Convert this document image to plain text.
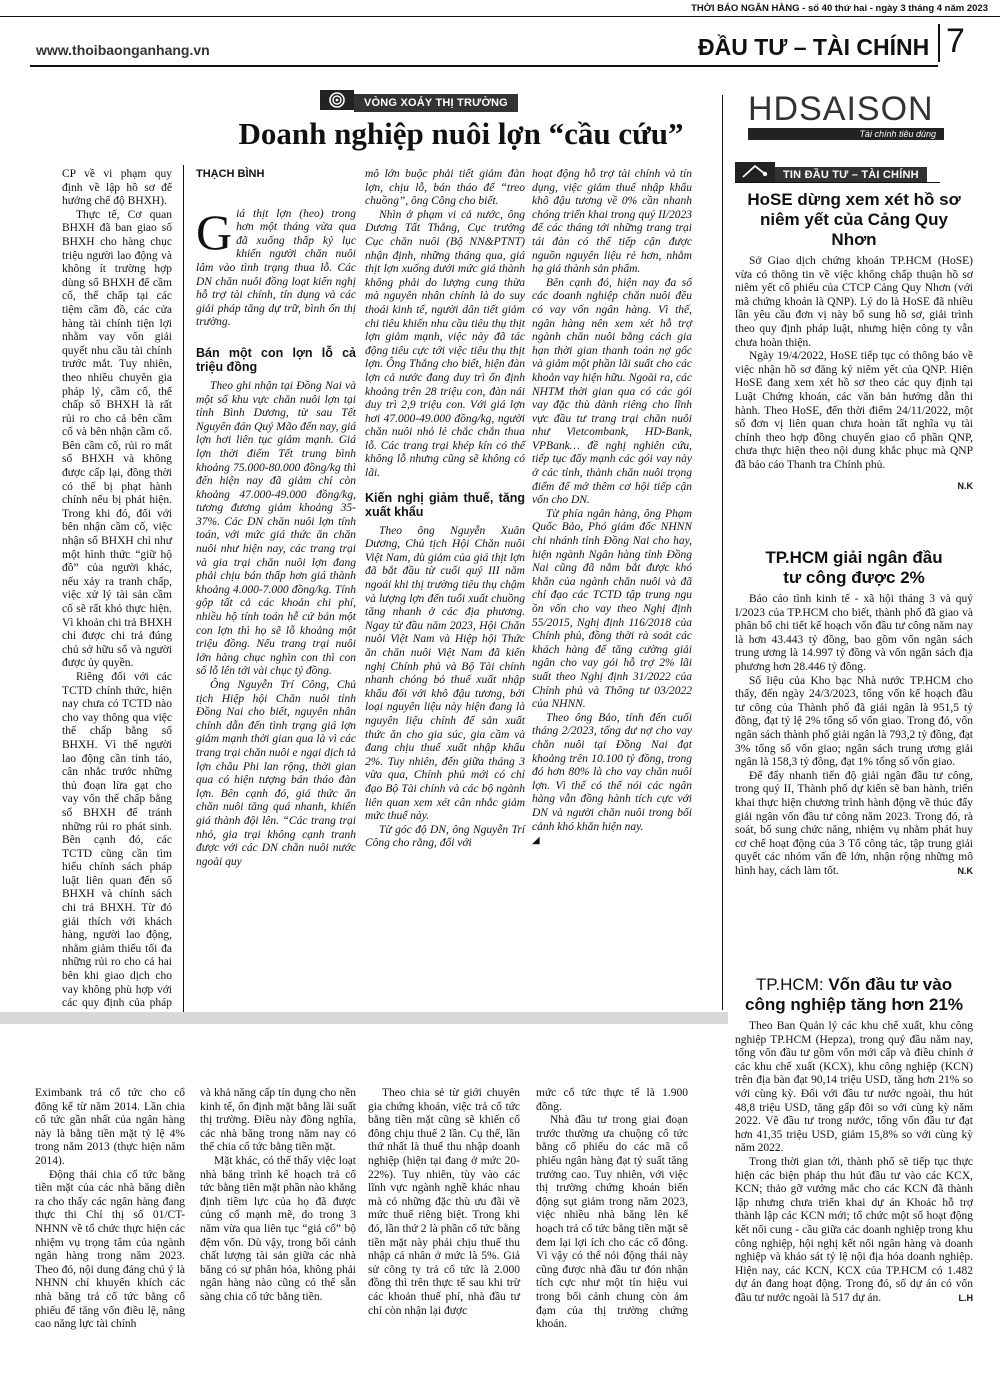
THỜI BÁO NGÂN HÀNG - số 40 thứ hai - ngày 3 tháng 4 năm 2023
www.thoibaonganhang.vn	ĐẦU TƯ – TÀI CHÍNH 7

CP về vi phạm quy định về lập hồ sơ để hưởng chế độ BHXH).

Thực tế, Cơ quan BHXH đã ban giao số BHXH cho hàng chục triệu người lao động và không ít trường hợp dùng sổ BHXH để cầm cố, thế chấp tại các tiệm cầm đồ, các cửa hàng tài chính tiện lợi nhằm vay vốn giải quyết nhu cầu tài chính trước mắt. Tuy nhiên, theo nhiều chuyên gia pháp lý, cầm cố, thế chấp sổ BHXH là rất rủi ro cho cả bên cầm cố và bên nhận cầm cố. Bên cầm cố, rủi ro mất sổ BHXH và không được cấp lại, đồng thời có thể bị phạt hành chính nếu bị phát hiện. Trong khi đó, đối với bên nhận cầm cố, việc nhận sổ BHXH chỉ như một hình thức “giữ hộ đồ” của người khác, nếu xảy ra tranh chấp, việc xử lý tài sản cầm cố sẽ rất khó thực hiện. Vì khoản chi trả BHXH chỉ được chi trả đúng chủ sở hữu sổ và người được ủy quyền.

Riêng đối với các TCTD chính thức, hiện nay chưa có TCTD nào cho vay thông qua việc thế chấp bằng sổ BHXH. Vì thế người lao động cần tỉnh táo, cân nhắc trước những thủ đoạn lừa gạt cho vay vốn thế chấp bằng sổ BHXH để tránh những rủi ro phát sinh. Bên cạnh đó, các TCTD cũng cần tìm hiểu chính sách pháp luật liên quan đến sổ BHXH và chính sách chi trả BHXH. Từ đó giải thích với khách hàng, người lao động, nhằm giảm thiểu tối đa những rủi ro cho cả hai bên khi giao dịch cho vay không phù hợp với các quy định của pháp

VÒNG XOÁY THỊ TRƯỜNG
Doanh nghiệp nuôi lợn “cầu cứu”
THẠCH BÌNH
G iá thịt lợn (heo) trong hơn một tháng vừa qua đã xuống thấp kỷ lục khiến người chăn nuôi lâm vào tình trạng thua lỗ. Các DN chăn nuôi đồng loạt kiến nghị hỗ trợ tài chính, tín dụng và các giải pháp tăng dự trữ, bình ổn thị trường.
Bán một con lợn lỗ cả triệu đồng

Theo ghi nhận tại Đồng Nai và một số khu vực chăn nuôi lợn tại tỉnh Bình Dương, từ sau Tết Nguyên đán Quý Mão đến nay, giá lợn hơi liên tục giảm mạnh. Giá lợn thời điểm Tết trung bình khoảng 75.000-80.000 đồng/kg thì đến hiện nay đã giảm chỉ còn khoảng 47.000-49.000 đồng/kg, tương đương giảm khoảng 35-37%. Các DN chăn nuôi lợn tính toán, với mức giá thức ăn chăn nuôi như hiện nay, các trang trại và gia trại chăn nuôi lợn đang phải chịu bán thấp hơn giá thành khoảng 4.000-7.000 đồng/kg. Tính gộp tất cả các khoản chi phí, nhiều hộ tính toán hễ cứ bán một con lợn thì họ sẽ lỗ khoảng một triệu đồng. Nếu trang trại nuôi lớn hàng chục nghìn con thì con số lỗ lên tới vài chục tỷ đồng.

Ông Nguyễn Trí Công, Chủ tịch Hiệp hội Chăn nuôi tỉnh Đồng Nai cho biết, nguyên nhân chính dẫn đến tình trạng giá lợn giảm mạnh thời gian qua là vì các trang trại chăn nuôi e ngại dịch tả lợn châu Phi lan rộng, thời gian qua có hiện tượng bán tháo đàn lợn. Bên cạnh đó, giá thức ăn chăn nuôi tăng quá nhanh, khiến giá thành đội lên. “Các trang trại nhỏ, gia trại không cạnh tranh được với các DN chăn nuôi nước ngoài quy

mô lớn buộc phải tiết giảm đàn lợn, chịu lỗ, bán tháo để “treo chuồng”, ông Công cho biết.

Nhìn ở phạm vi cả nước, ông Dương Tất Thắng, Cục trưởng Cục chăn nuôi (Bộ NN&PTNT) nhận định, những tháng qua, giá thịt lợn xuống dưới mức giá thành không phải do lượng cung thừa mà nguyên nhân chính là do suy thoái kinh tế, người dân tiết giảm chi tiêu khiến nhu cầu tiêu thụ thịt lợn giảm mạnh, việc này đã tác động tiêu cực tới việc tiêu thụ thịt lợn. Ông Thắng cho biết, hiện đàn lợn cả nước đang duy trì ổn định khoảng trên 28 triệu con, đàn nái duy trì 2,9 triệu con. Với giá lợn hơi 47.000-49.000 đồng/kg, người chăn nuôi nhỏ lẻ chắc chắn thua lỗ. Các trang trại khép kín có thể không lỗ nhưng cũng sẽ không có lãi.

Kiến nghị giảm thuế, tăng xuất khẩu

Theo ông Nguyễn Xuân Dương, Chủ tịch Hội Chăn nuôi Việt Nam, dù giảm của giá thịt lợn đã bắt đầu từ cuối quý III năm ngoái khi thị trường tiêu thụ chậm và lượng lợn đến tuổi xuất chuồng tăng nhanh ở các địa phương. Ngay từ đầu năm 2023, Hội Chăn nuôi Việt Nam và Hiệp hội Thức ăn chăn nuôi Việt Nam đã kiến nghị Chính phủ và Bộ Tài chính nhanh chóng bỏ thuế xuất nhập khẩu đối với khô đậu tương, bởi loại nguyên liệu này hiện đang là nguyên liệu chính để sản xuất thức ăn cho gia súc, gia cầm và đang chịu thuế xuất nhập khẩu 2%. Tuy nhiên, đến giữa tháng 3 vừa qua, Chính phủ mới có chỉ đạo Bộ Tài chính và các bộ ngành liên quan xem xét cân nhắc giảm mức thuế này.

Từ góc độ DN, ông Nguyễn Trí Công cho rằng, đối với

hoạt động hỗ trợ tài chính và tín dụng, việc giảm thuế nhập khẩu khô đậu tương về 0% cần nhanh chóng triển khai trong quý II/2023 để các tháng tới những trang trại tái đàn có thể tiếp cận được nguồn nguyên liệu rẻ hơn, nhằm hạ giá thành sản phẩm.

Bên cạnh đó, hiện nay đa số các doanh nghiệp chăn nuôi đều có vay vốn ngân hàng. Vì thế, ngân hàng nên xem xét hỗ trợ ngành chăn nuôi bằng cách gia hạn thời gian thanh toán nợ gốc và giảm một phần lãi suất cho các khoản vay hiện hữu. Ngoài ra, các NHTM thời gian qua có các gói vay đặc thù dành riêng cho lĩnh vực đầu tư trang trại chăn nuôi như Vietcombank, HD-Bank, VPBank… đề nghị nghiên cứu, tiếp tục đẩy mạnh các gói vay này ở các tỉnh, thành chăn nuôi trọng điểm để mở thêm cơ hội tiếp cận vốn cho DN.

Từ phía ngân hàng, ông Phạm Quốc Bảo, Phó giám đốc NHNN chi nhánh tỉnh Đồng Nai cho hay, hiện ngành Ngân hàng tỉnh Đồng Nai cũng đã nắm bắt được khó khăn của ngành chăn nuôi và đã chỉ đạo các TCTD tập trung ngu ồn vốn cho vay theo Nghị định 55/2015, Nghị định 116/2018 của Chính phủ, đồng thời rà soát các khách hàng để tăng cường giải ngân cho vay gói hỗ trợ 2% lãi suất theo Nghị định 31/2022 của Chính phủ và Thông tư 03/2022 của NHNN.

Theo ông Bảo, tính đến cuối tháng 2/2023, tổng dư nợ cho vay chăn nuôi tại Đồng Nai đạt khoảng trên 10.100 tỷ đồng, trong đó hơn 80% là cho vay chăn nuôi lợn. Vì thế có thể nói các ngân hàng vẫn đồng hành tích cực với DN và người chăn nuôi trong bối cảnh khó khăn hiện nay.

◢
HDSAISON
Tài chính tiêu dùng
TIN ĐẦU TƯ – TÀI CHÍNH
HoSE dừng xem xét hồ sơ niêm yết của Cảng Quy Nhơn

Sở Giao dịch chứng khoán TP.HCM (HoSE) vừa có thông tin về việc không chấp thuận hồ sơ niêm yết cổ phiếu của CTCP Cảng Quy Nhơn (với mã chứng khoán là QNP). Lý do là HoSE đã nhiều lần yêu cầu đơn vị này bổ sung hồ sơ, giải trình theo quy định pháp luật, nhưng hiện công ty vẫn chưa hoàn thiện.

Ngày 19/4/2022, HoSE tiếp tục có thông báo về việc nhận hồ sơ đăng ký niêm yết của QNP. Hiện HoSE đang xem xét hồ sơ theo các quy định tại Luật Chứng khoán, các văn bản hướng dẫn thi hành. Theo HoSE, đến thời điểm 24/11/2022, một số đơn vị liên quan chưa hoàn tất nghĩa vụ tài chính theo hợp đồng chuyển giao cổ phần QNP, chưa thực hiện theo nội dung khắc phục mà QNP đã báo cáo Thanh tra Chính phủ.

N.K
TP.HCM giải ngân đầu tư công được 2%

Báo cáo tình kinh tế - xã hội tháng 3 và quý I/2023 của TP.HCM cho biết, thành phố đã giao và phân bổ chi tiết kế hoạch vốn đầu tư công năm nay là hơn 43.443 tỷ đồng, bao gồm vốn ngân sách trung ương là 14.997 tỷ đồng và vốn ngân sách địa phương hơn 28.446 tỷ đồng.

Số liệu của Kho bạc Nhà nước TP.HCM cho thấy, đến ngày 24/3/2023, tổng vốn kế hoạch đầu tư công của Thành phố đã giải ngân là 951,5 tỷ đồng, đạt tỷ lệ 2% tổng số vốn giao. Trong đó, vốn ngân sách thành phố giải ngân là 793,2 tỷ đồng, đạt 3% tổng số vốn giao; ngân sách trung ương giải ngân là 158,3 tỷ đồng, đạt 1% tổng số vốn giao.

Để đẩy nhanh tiến độ giải ngân đầu tư công, trong quý II, Thành phố dự kiến sẽ ban hành, triển khai thực hiện chương trình hành động về thúc đẩy giải ngân vốn đầu tư công năm 2023. Trong đó, rà soát, bổ sung chức năng, nhiệm vụ nhằm phát huy cơ chế hoạt động của 3 Tổ công tác, tập trung giải quyết các nhóm vấn đề lớn, nhận rộng những mô hình hay, cách làm tốt.	N.K
TP.HCM: Vốn đầu tư vào công nghiệp tăng hơn 21%

Theo Ban Quản lý các khu chế xuất, khu công nghiệp TP.HCM (Hepza), trong quý đầu năm nay, tổng vốn đầu tư gồm vốn mới cấp và điều chỉnh ở các khu chế xuất (KCX), khu công nghiệp (KCN) trên địa bàn đạt 90,14 triệu USD, tăng hơn 21% so với cùng kỳ. Đối với đầu tư nước ngoài, thu hút 48,8 triệu USD, tăng gấp đôi so với cùng kỳ năm 2022. Về đầu tư trong nước, tổng vốn đầu tư đạt hơn 41,35 triệu USD, giảm 15,8% so với cùng kỳ năm 2022.

Trong thời gian tới, thành phố sẽ tiếp tục thực hiện các biện pháp thu hút đầu tư vào các KCX, KCN; thảo gỡ vướng mắc cho các KCN đã thành lập nhưng chưa triển khai dự án Khoác hỗ trợ thành lập các KCN mới; tổ chức một số hoạt động kết nối cung - cầu giữa các doanh nghiệp trong khu công nghiệp, hội nghị kết nối ngân hàng và doanh nghiệp và khảo sát tỷ lệ nội địa hóa doanh nghiệp. Hiện nay, các KCN, KCX của TP.HCM có 1.482 dự án đang hoạt động. Trong đó, số dự án có vốn đầu tư nước ngoài là 517 dự án.	L.H

Eximbank trả cổ tức cho cổ đông kể từ năm 2014. Lần chia cổ tức gần nhất của ngân hàng này là bằng tiền mặt tỷ lệ 4% trong năm 2013 (thực hiện năm 2014).

Động thái chia cổ tức bằng tiền mặt của các nhà băng diễn ra cho thấy các ngân hàng đang thực thi Chỉ thị số 01/CT-NHNN về tổ chức thực hiện các nhiệm vụ trọng tâm của ngành ngân hàng trong năm 2023. Theo đó, nội dung đáng chú ý là NHNN chỉ khuyến khích các nhà băng trả cổ tức bằng cổ phiếu để tăng vốn điều lệ, nâng cao năng lực tài chính

và khả năng cấp tín dụng cho nền kinh tế, ổn định mặt bằng lãi suất thị trường. Điều này đồng nghĩa, các nhà băng trong năm nay có thể chia cổ tức bằng tiền mặt.

Mặt khác, có thể thấy việc loạt nhà băng trình kế hoạch trả cổ tức bằng tiền mặt phần nào khẳng định tiềm lực của họ đã được củng cố mạnh mẽ, do trong 3 năm vừa qua liên tục “giả cổ” bộ đệm vốn. Dù vậy, trong bối cảnh chất lượng tài sản giữa các nhà băng có sự phân hóa, không phải ngân hàng nào cũng có thể sẵn sàng chia cổ tức bằng tiền.

Theo chia sẻ từ giới chuyên gia chứng khoán, việc trả cổ tức bằng tiền mặt cũng sẽ khiến cổ đông chịu thuế 2 lần. Cụ thể, lần thứ nhất là thuế thu nhập doanh nghiệp (hiện tại đang ở mức 20-22%). Tuy nhiên, tùy vào các lĩnh vực ngành nghề khác nhau mà có những đặc thù ưu đãi về mức thuế riêng biệt. Trong khi đó, lần thứ 2 là phần cổ tức bằng tiền mặt này phải chịu thuế thu nhập cá nhân ở mức là 5%. Giả sử công ty trả cổ tức là 2.000 đồng thì trên thực tế sau khi trừ các khoản thuế phí, nhà đầu tư chỉ còn nhận lại được

mức cổ tức thực tế là 1.900 đồng.

Nhà đầu tư trong giai đoạn trước thường ưa chuộng cổ tức bằng cổ phiếu do các mã cổ phiếu ngân hàng đạt tỷ suất tăng trưởng cao. Tuy nhiên, với việc thị trường chứng khoán biến động sụt giảm trong năm 2023, việc nhiều nhà băng lên kế hoạch trả cổ tức bằng tiền mặt sẽ đem lại lợi ích cho các cổ đông. Vì vậy có thể nói động thái này cũng được nhà đầu tư đón nhận tích cực như một tín hiệu vui trong bối cảnh chung còn ảm đạm của thị trường chứng khoán.
